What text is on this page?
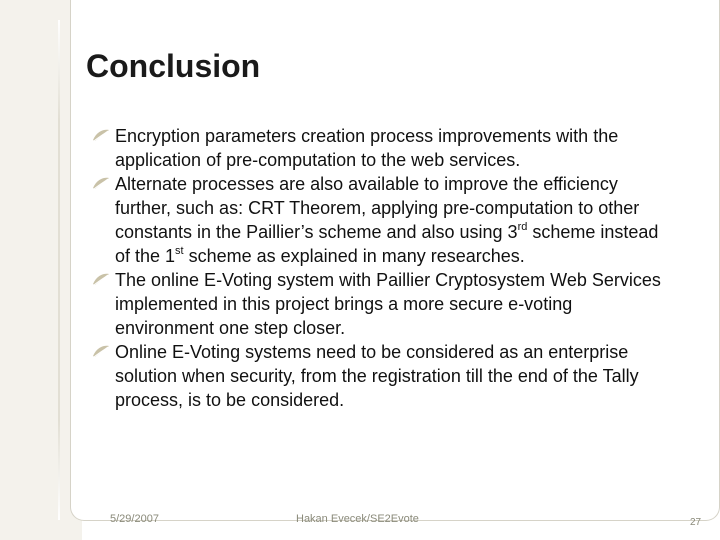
Conclusion
Encryption parameters creation process improvements with the application of pre-computation to the web services.
Alternate processes are also available to improve the efficiency further, such as: CRT Theorem, applying pre-computation to other constants in the Paillier’s scheme and also using 3rd scheme instead of the 1st scheme as explained in many researches.
The online E-Voting system with Paillier Cryptosystem Web Services implemented in this project brings a more secure e-voting environment one step closer.
Online E-Voting systems need to be considered as an enterprise solution when security, from the registration till the end of the Tally process, is to be considered.
5/29/2007	Hakan Evecek/SE2Evote	27
